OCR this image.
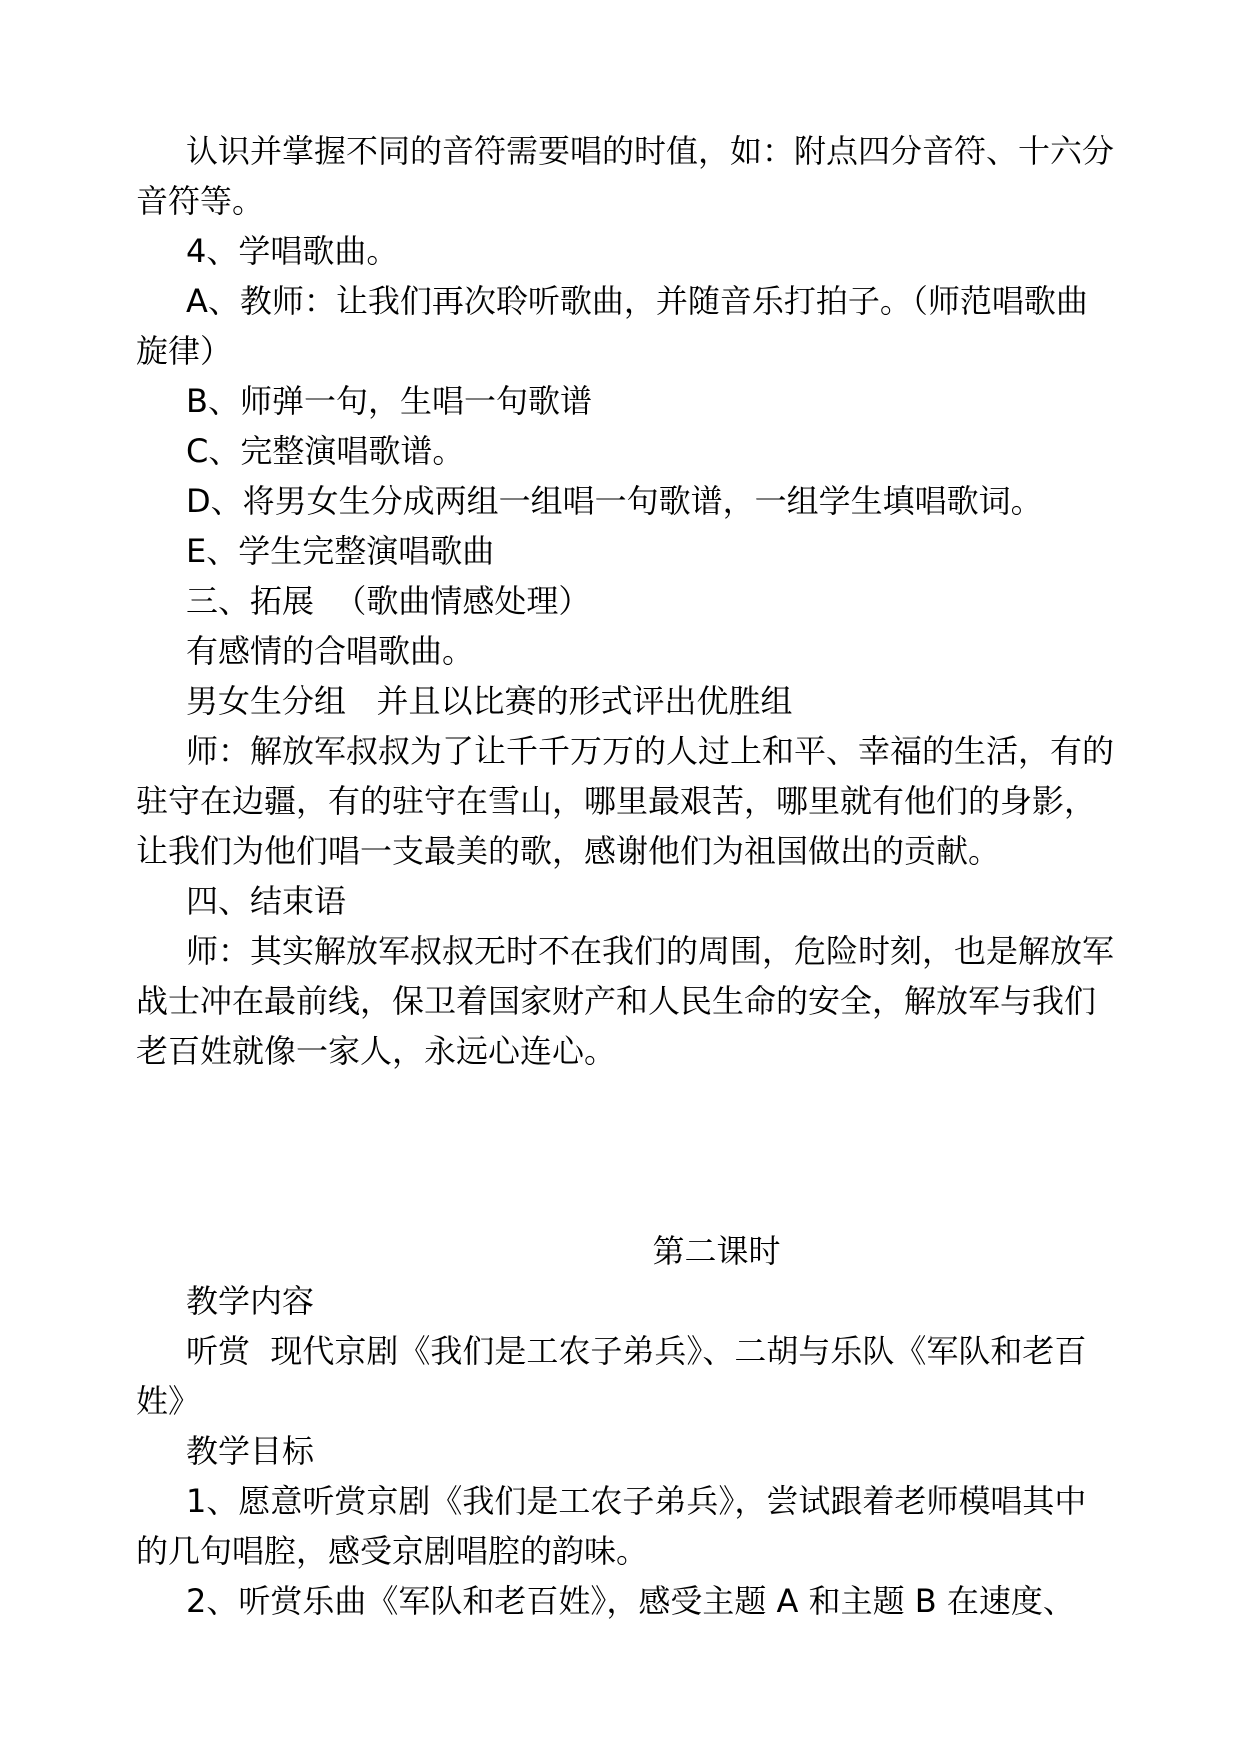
认识并掌握不同的音符需要唱的时值，如：附点四分音符、十六分音符等。

4、学唱歌曲。

A、教师：让我们再次聆听歌曲，并随音乐打拍子。（师范唱歌曲旋律）

B、师弹一句，生唱一句歌谱

C、完整演唱歌谱。

D、将男女生分成两组一组唱一句歌谱，一组学生填唱歌词。

E、学生完整演唱歌曲

三、拓展  （歌曲情感处理）

有感情的合唱歌曲。

男女生分组   并且以比赛的形式评出优胜组

师：解放军叔叔为了让千千万万的人过上和平、幸福的生活，有的驻守在边疆，有的驻守在雪山，哪里最艰苦，哪里就有他们的身影，让我们为他们唱一支最美的歌，感谢他们为祖国做出的贡献。

四、结束语

师：其实解放军叔叔无时不在我们的周围，危险时刻，也是解放军战士冲在最前线，保卫着国家财产和人民生命的安全，解放军与我们老百姓就像一家人，永远心连心。

第二课时

教学内容

听赏  现代京剧《我们是工农子弟兵》、二胡与乐队《军队和老百姓》

教学目标

1、愿意听赏京剧《我们是工农子弟兵》，尝试跟着老师模唱其中的几句唱腔，感受京剧唱腔的韵味。

2、听赏乐曲《军队和老百姓》，感受主题 A 和主题 B 在速度、
